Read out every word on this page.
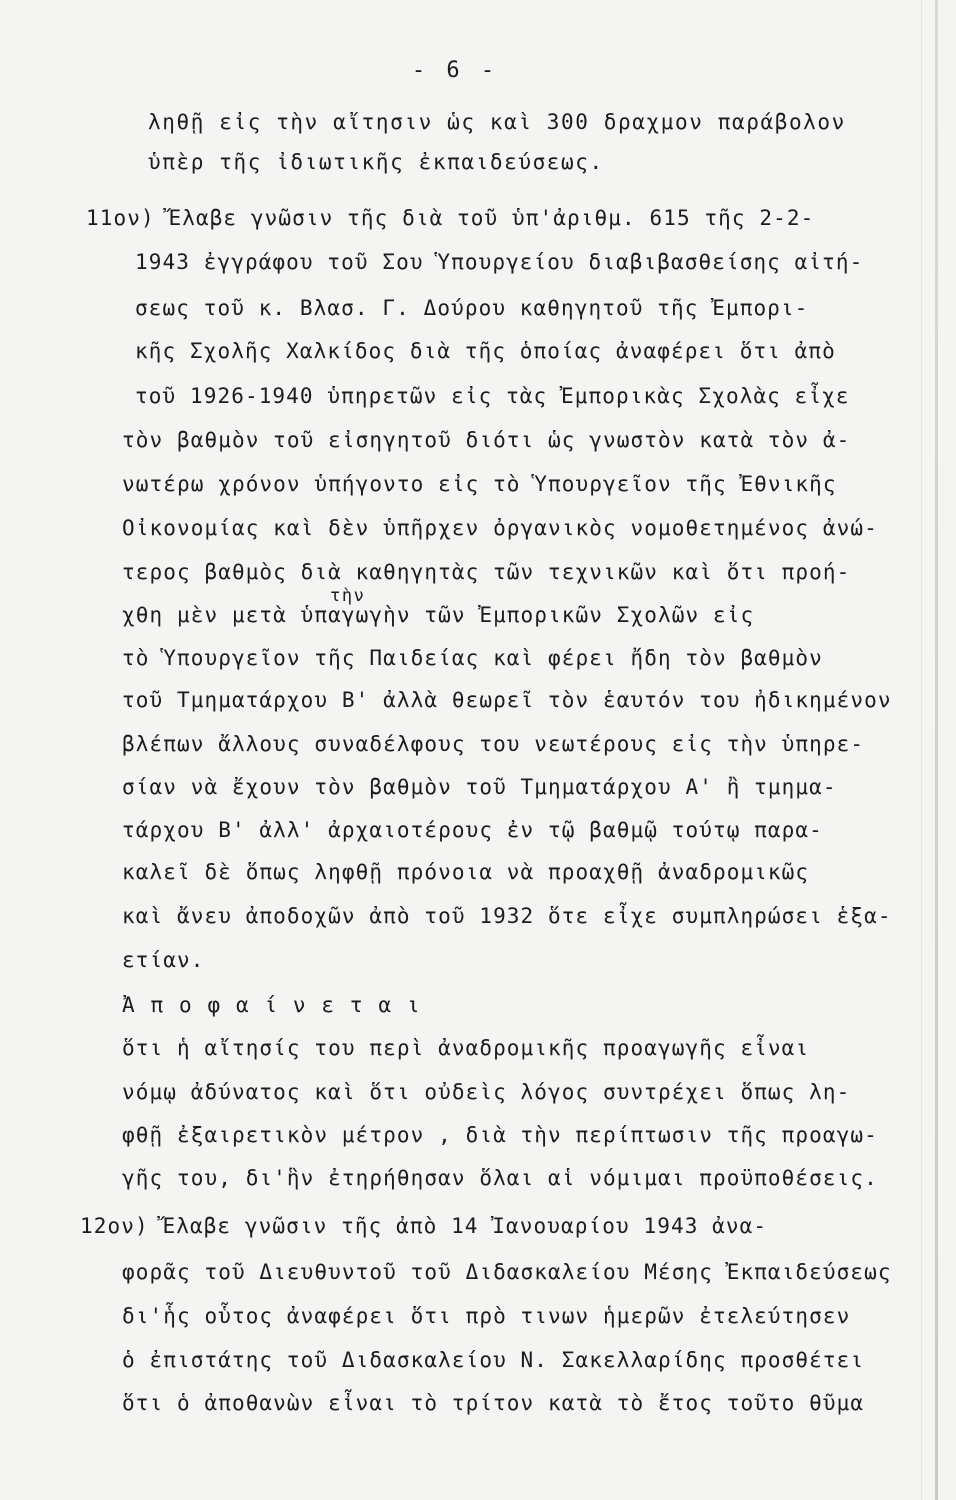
- 6 -
ληθῇ εἰς τὴν αἴτησιν ὡς καὶ 300 δραχμον παράβολον
ὑπὲρ τῆς ἰδιωτικῆς ἐκπαιδεύσεως.
11ον) Ἔλαβε γνῶσιν τῆς διὰ τοῦ ὑπ'ἀριθμ. 615 τῆς 2-2-
1943 ἐγγράφου τοῦ Σου Ὑπουργείου διαβιβασθείσης αἰτή-
σεως τοῦ κ. Βλασ. Γ. Δούρου καθηγητοῦ τῆς Ἐμπορι-
κῆς Σχολῆς Χαλκίδος διὰ τῆς ὁποίας ἀναφέρει ὅτι ἀπὸ
τοῦ 1926-1940 ὑπηρετῶν εἰς τὰς Ἐμπορικὰς Σχολὰς εἶχε
τὸν βαθμὸν τοῦ εἰσηγητοῦ διότι ὡς γνωστὸν κατὰ τὸν ἀ-
νωτέρω χρόνον ὑπήγοντο εἰς τὸ Ὑπουργεῖον τῆς Ἐθνικῆς
Οἰκονομίας καὶ δὲν ὑπῆρχεν ὀργανικὸς νομοθετημένος ἀνώ-
τερος βαθμὸς διὰ καθηγητὰς τῶν τεχνικῶν καὶ ὅτι προή-
τὴν
χθη μὲν μετὰ ὑπαγωγὴν τῶν Ἐμπορικῶν Σχολῶν εἰς
τὸ Ὑπουργεῖον τῆς Παιδείας καὶ φέρει ἤδη τὸν βαθμὸν
τοῦ Τμηματάρχου Β' ἀλλὰ θεωρεῖ τὸν ἑαυτόν του ἠδικημένον
βλέπων ἄλλους συναδέλφους του νεωτέρους εἰς τὴν ὑπηρε-
σίαν νὰ ἔχουν τὸν βαθμὸν τοῦ Τμηματάρχου Α' ἢ τμημα-
τάρχου Β' ἀλλ' ἀρχαιοτέρους ἐν τῷ βαθμῷ τούτῳ παρα-
καλεῖ δὲ ὅπως ληφθῇ πρόνοια νὰ προαχθῇ ἀναδρομικῶς
καὶ ἄνευ ἀποδοχῶν ἀπὸ τοῦ 1932 ὅτε εἶχε συμπληρώσει ἑξα-
ετίαν.
Ἀ π ο φ α ί ν ε τ α ι
ὅτι ἡ αἴτησίς του περὶ ἀναδρομικῆς προαγωγῆς εἶναι
νόμῳ ἀδύνατος καὶ ὅτι οὐδεὶς λόγος συντρέχει ὅπως λη-
φθῇ ἐξαιρετικὸν μέτρον , διὰ τὴν περίπτωσιν τῆς προαγω-
γῆς του, δι'ἣν ἐτηρήθησαν ὅλαι αἱ νόμιμαι προϋποθέσεις.
12ον) Ἔλαβε γνῶσιν τῆς ἀπὸ 14 Ἰανουαρίου 1943 ἀνα-
φορᾶς τοῦ Διευθυντοῦ τοῦ Διδασκαλείου Μέσης Ἐκπαιδεύσεως
δι'ἧς οὗτος ἀναφέρει ὅτι πρὸ τινων ἡμερῶν ἐτελεύτησεν
ὁ ἐπιστάτης τοῦ Διδασκαλείου Ν. Σακελλαρίδης προσθέτει
ὅτι ὁ ἀποθανὼν εἶναι τὸ τρίτον κατὰ τὸ ἔτος τοῦτο θῦμα
